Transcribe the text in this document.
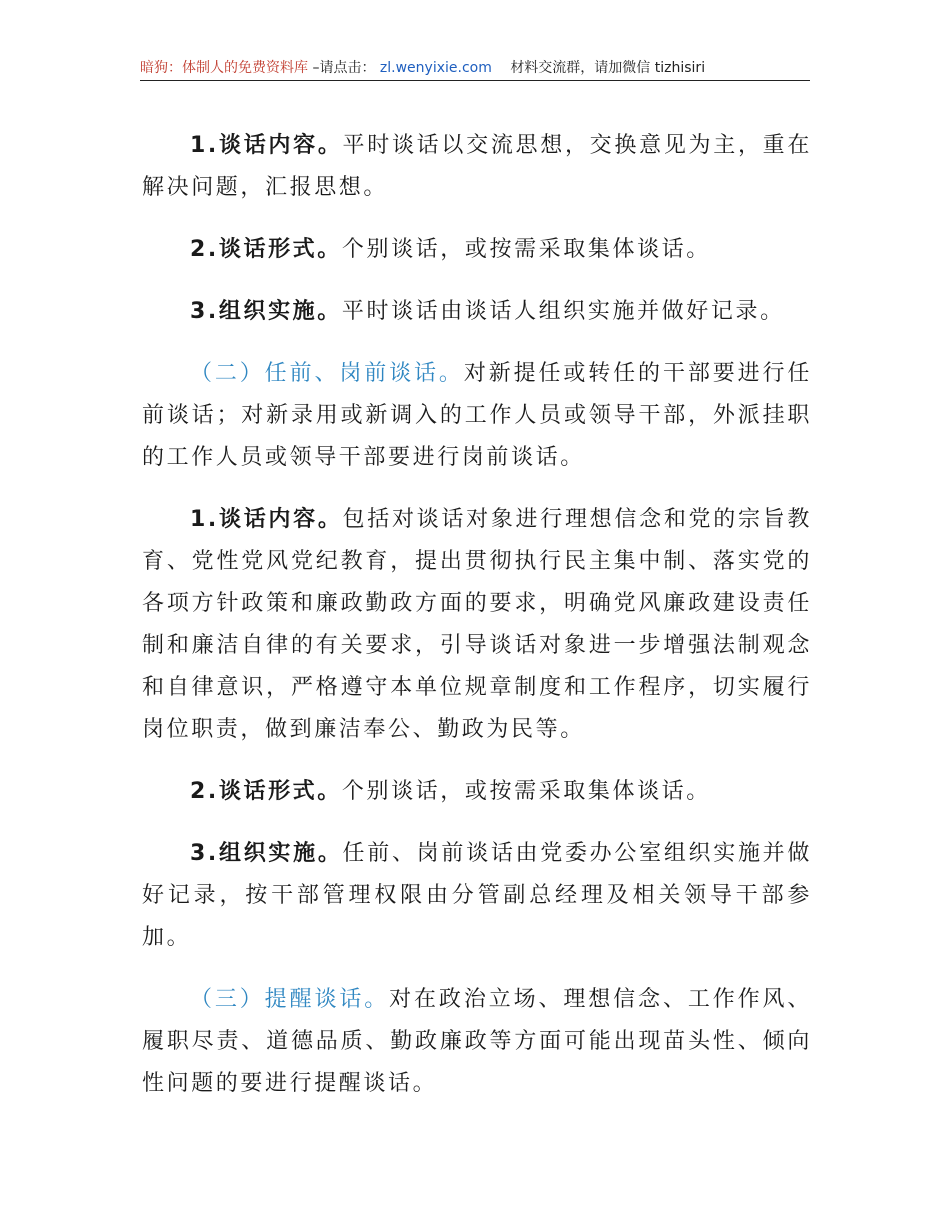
暗狗：体制人的免费资料库 –请点击： zl.wenyixie.com 材料交流群，请加微信 tizhisiri

1.谈话内容。平时谈话以交流思想，交换意见为主，重在解决问题，汇报思想。

2.谈话形式。个别谈话，或按需采取集体谈话。

3.组织实施。平时谈话由谈话人组织实施并做好记录。

（二）任前、岗前谈话。对新提任或转任的干部要进行任前谈话；对新录用或新调入的工作人员或领导干部，外派挂职的工作人员或领导干部要进行岗前谈话。

1.谈话内容。包括对谈话对象进行理想信念和党的宗旨教育、党性党风党纪教育，提出贯彻执行民主集中制、落实党的各项方针政策和廉政勤政方面的要求，明确党风廉政建设责任制和廉洁自律的有关要求，引导谈话对象进一步增强法制观念和自律意识，严格遵守本单位规章制度和工作程序，切实履行岗位职责，做到廉洁奉公、勤政为民等。

2.谈话形式。个别谈话，或按需采取集体谈话。

3.组织实施。任前、岗前谈话由党委办公室组织实施并做好记录，按干部管理权限由分管副总经理及相关领导干部参加。

（三）提醒谈话。对在政治立场、理想信念、工作作风、履职尽责、道德品质、勤政廉政等方面可能出现苗头性、倾向性问题的要进行提醒谈话。
